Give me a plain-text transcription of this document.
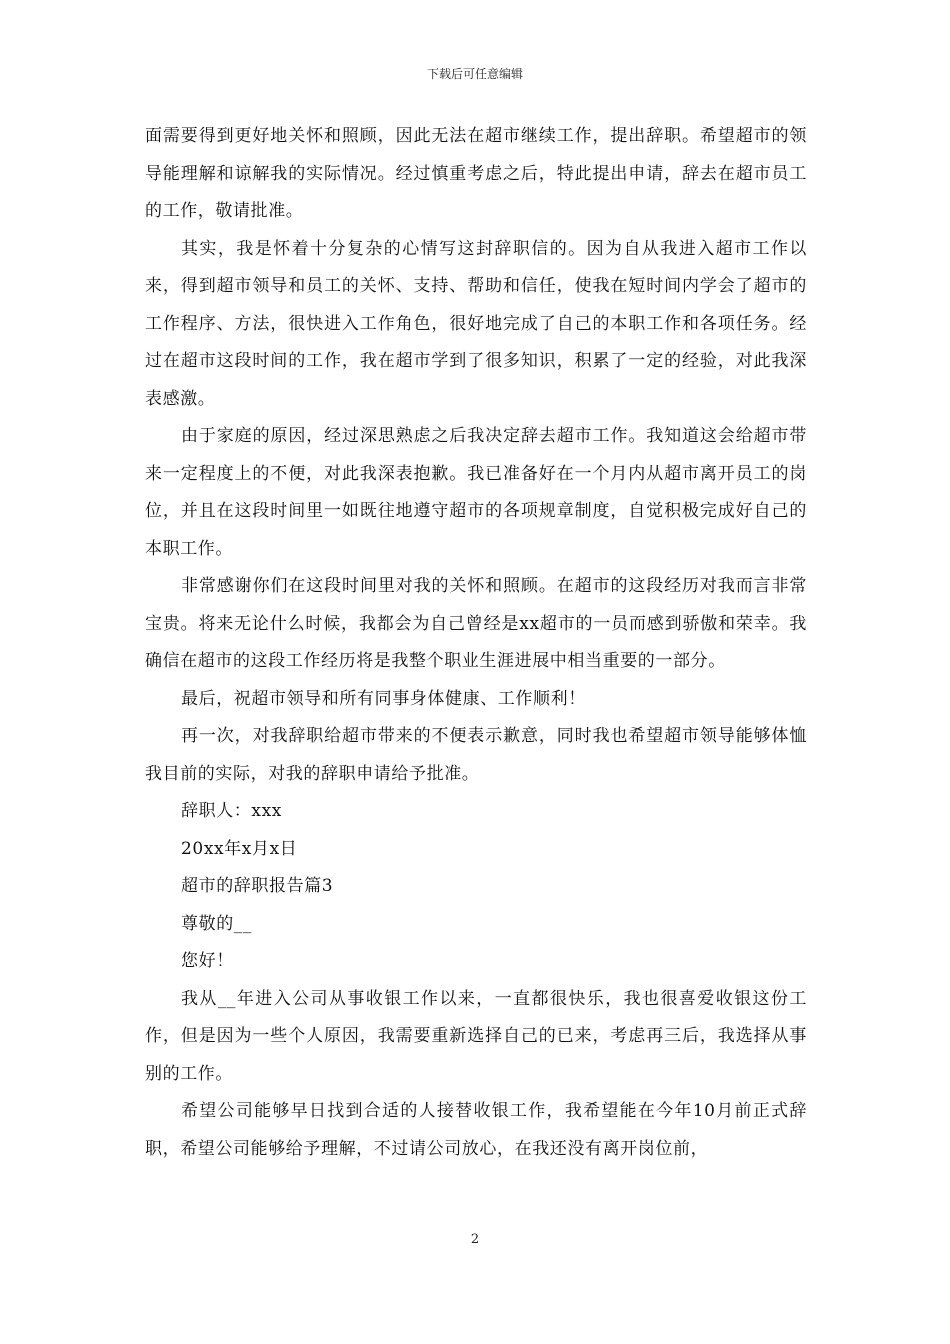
下载后可任意编辑

面需要得到更好地关怀和照顾，因此无法在超市继续工作，提出辞职。希望超市的领导能理解和谅解我的实际情况。经过慎重考虑之后，特此提出申请，辞去在超市员工的工作，敬请批准。

其实，我是怀着十分复杂的心情写这封辞职信的。因为自从我进入超市工作以来，得到超市领导和员工的关怀、支持、帮助和信任，使我在短时间内学会了超市的工作程序、方法，很快进入工作角色，很好地完成了自己的本职工作和各项任务。经过在超市这段时间的工作，我在超市学到了很多知识，积累了一定的经验，对此我深表感激。

由于家庭的原因，经过深思熟虑之后我决定辞去超市工作。我知道这会给超市带来一定程度上的不便，对此我深表抱歉。我已准备好在一个月内从超市离开员工的岗位，并且在这段时间里一如既往地遵守超市的各项规章制度，自觉积极完成好自己的本职工作。

非常感谢你们在这段时间里对我的关怀和照顾。在超市的这段经历对我而言非常宝贵。将来无论什么时候，我都会为自己曾经是xx超市的一员而感到骄傲和荣幸。我确信在超市的这段工作经历将是我整个职业生涯进展中相当重要的一部分。

最后，祝超市领导和所有同事身体健康、工作顺利！

再一次，对我辞职给超市带来的不便表示歉意，同时我也希望超市领导能够体恤我目前的实际，对我的辞职申请给予批准。

辞职人：xxx

20xx年x月x日

超市的辞职报告篇3

尊敬的__

您好！

我从__年进入公司从事收银工作以来，一直都很快乐，我也很喜爱收银这份工作，但是因为一些个人原因，我需要重新选择自己的已来，考虑再三后，我选择从事别的工作。

希望公司能够早日找到合适的人接替收银工作，我希望能在今年10月前正式辞职，希望公司能够给予理解，不过请公司放心，在我还没有离开岗位前，

2
